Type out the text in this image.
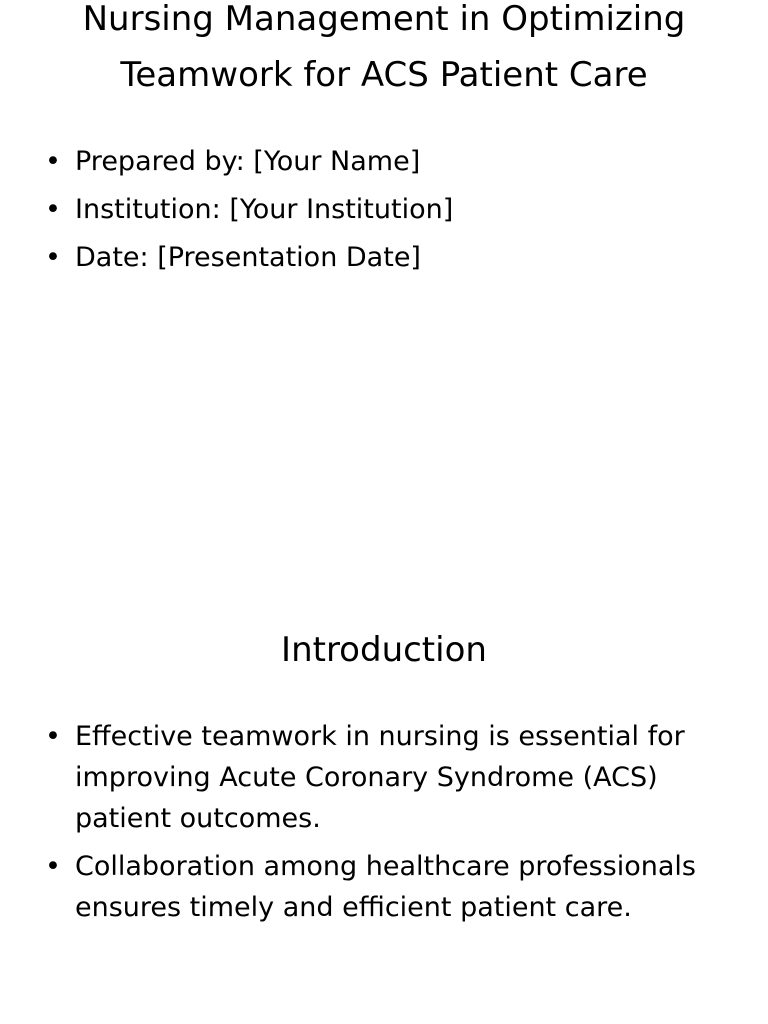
Nursing Management in Optimizing Teamwork for ACS Patient Care
• Prepared by: [Your Name]
• Institution: [Your Institution]
• Date: [Presentation Date]
Introduction
• Effective teamwork in nursing is essential for improving Acute Coronary Syndrome (ACS) patient outcomes.
• Collaboration among healthcare professionals ensures timely and efficient patient care.
